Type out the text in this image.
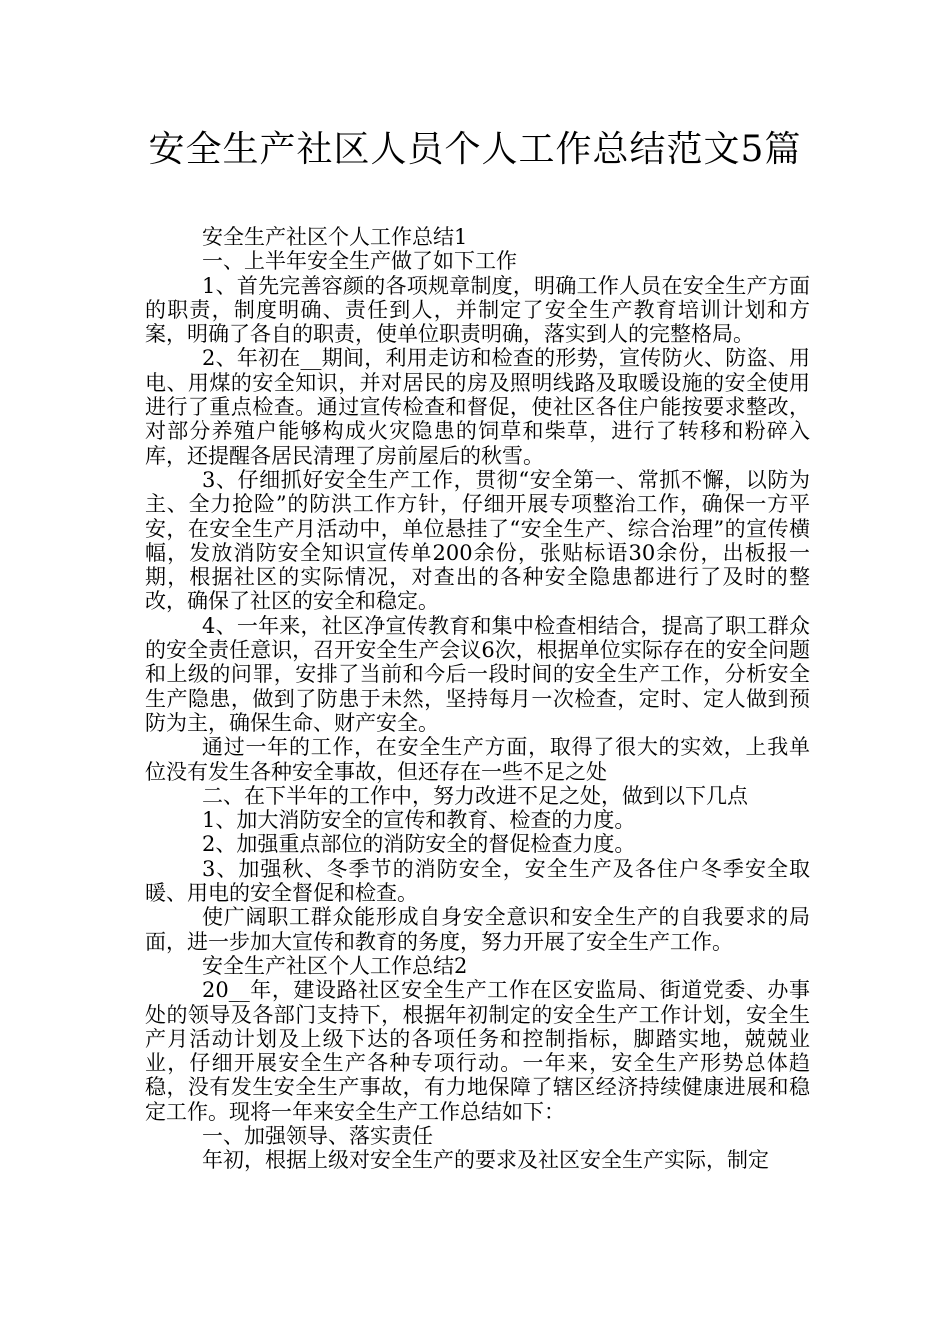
安全生产社区人员个人工作总结范文5篇

安全生产社区个人工作总结1

一、上半年安全生产做了如下工作

1、首先完善容颜的各项规章制度，明确工作人员在安全生产方面的职责，制度明确、责任到人，并制定了安全生产教育培训计划和方案，明确了各自的职责，使单位职责明确，落实到人的完整格局。

2、年初在__期间，利用走访和检查的形势，宣传防火、防盗、用电、用煤的安全知识，并对居民的房及照明线路及取暖设施的安全使用进行了重点检查。通过宣传检查和督促，使社区各住户能按要求整改，对部分养殖户能够构成火灾隐患的饲草和柴草，进行了转移和粉碎入库，还提醒各居民清理了房前屋后的秋雪。

3、仔细抓好安全生产工作，贯彻“安全第一、常抓不懈，以防为主、全力抢险”的防洪工作方针，仔细开展专项整治工作，确保一方平安，在安全生产月活动中，单位悬挂了“安全生产、综合治理”的宣传横幅，发放消防安全知识宣传单200余份，张贴标语30余份，出板报一期，根据社区的实际情况，对查出的各种安全隐患都进行了及时的整改，确保了社区的安全和稳定。

4、一年来，社区净宣传教育和集中检查相结合，提高了职工群众的安全责任意识，召开安全生产会议6次，根据单位实际存在的安全问题和上级的问罪，安排了当前和今后一段时间的安全生产工作，分析安全生产隐患，做到了防患于未然，坚持每月一次检查，定时、定人做到预防为主，确保生命、财产安全。

通过一年的工作，在安全生产方面，取得了很大的实效，上我单位没有发生各种安全事故，但还存在一些不足之处

二、在下半年的工作中，努力改进不足之处，做到以下几点

1、加大消防安全的宣传和教育、检查的力度。

2、加强重点部位的消防安全的督促检查力度。

3、加强秋、冬季节的消防安全，安全生产及各住户冬季安全取暖、用电的安全督促和检查。

使广阔职工群众能形成自身安全意识和安全生产的自我要求的局面，进一步加大宣传和教育的务度，努力开展了安全生产工作。

安全生产社区个人工作总结2

20__年，建设路社区安全生产工作在区安监局、街道党委、办事处的领导及各部门支持下，根据年初制定的安全生产工作计划，安全生产月活动计划及上级下达的各项任务和控制指标，脚踏实地，兢兢业业，仔细开展安全生产各种专项行动。一年来，安全生产形势总体趋稳，没有发生安全生产事故，有力地保障了辖区经济持续健康进展和稳定工作。现将一年来安全生产工作总结如下：

一、加强领导、落实责任

年初，根据上级对安全生产的要求及社区安全生产实际，制定
